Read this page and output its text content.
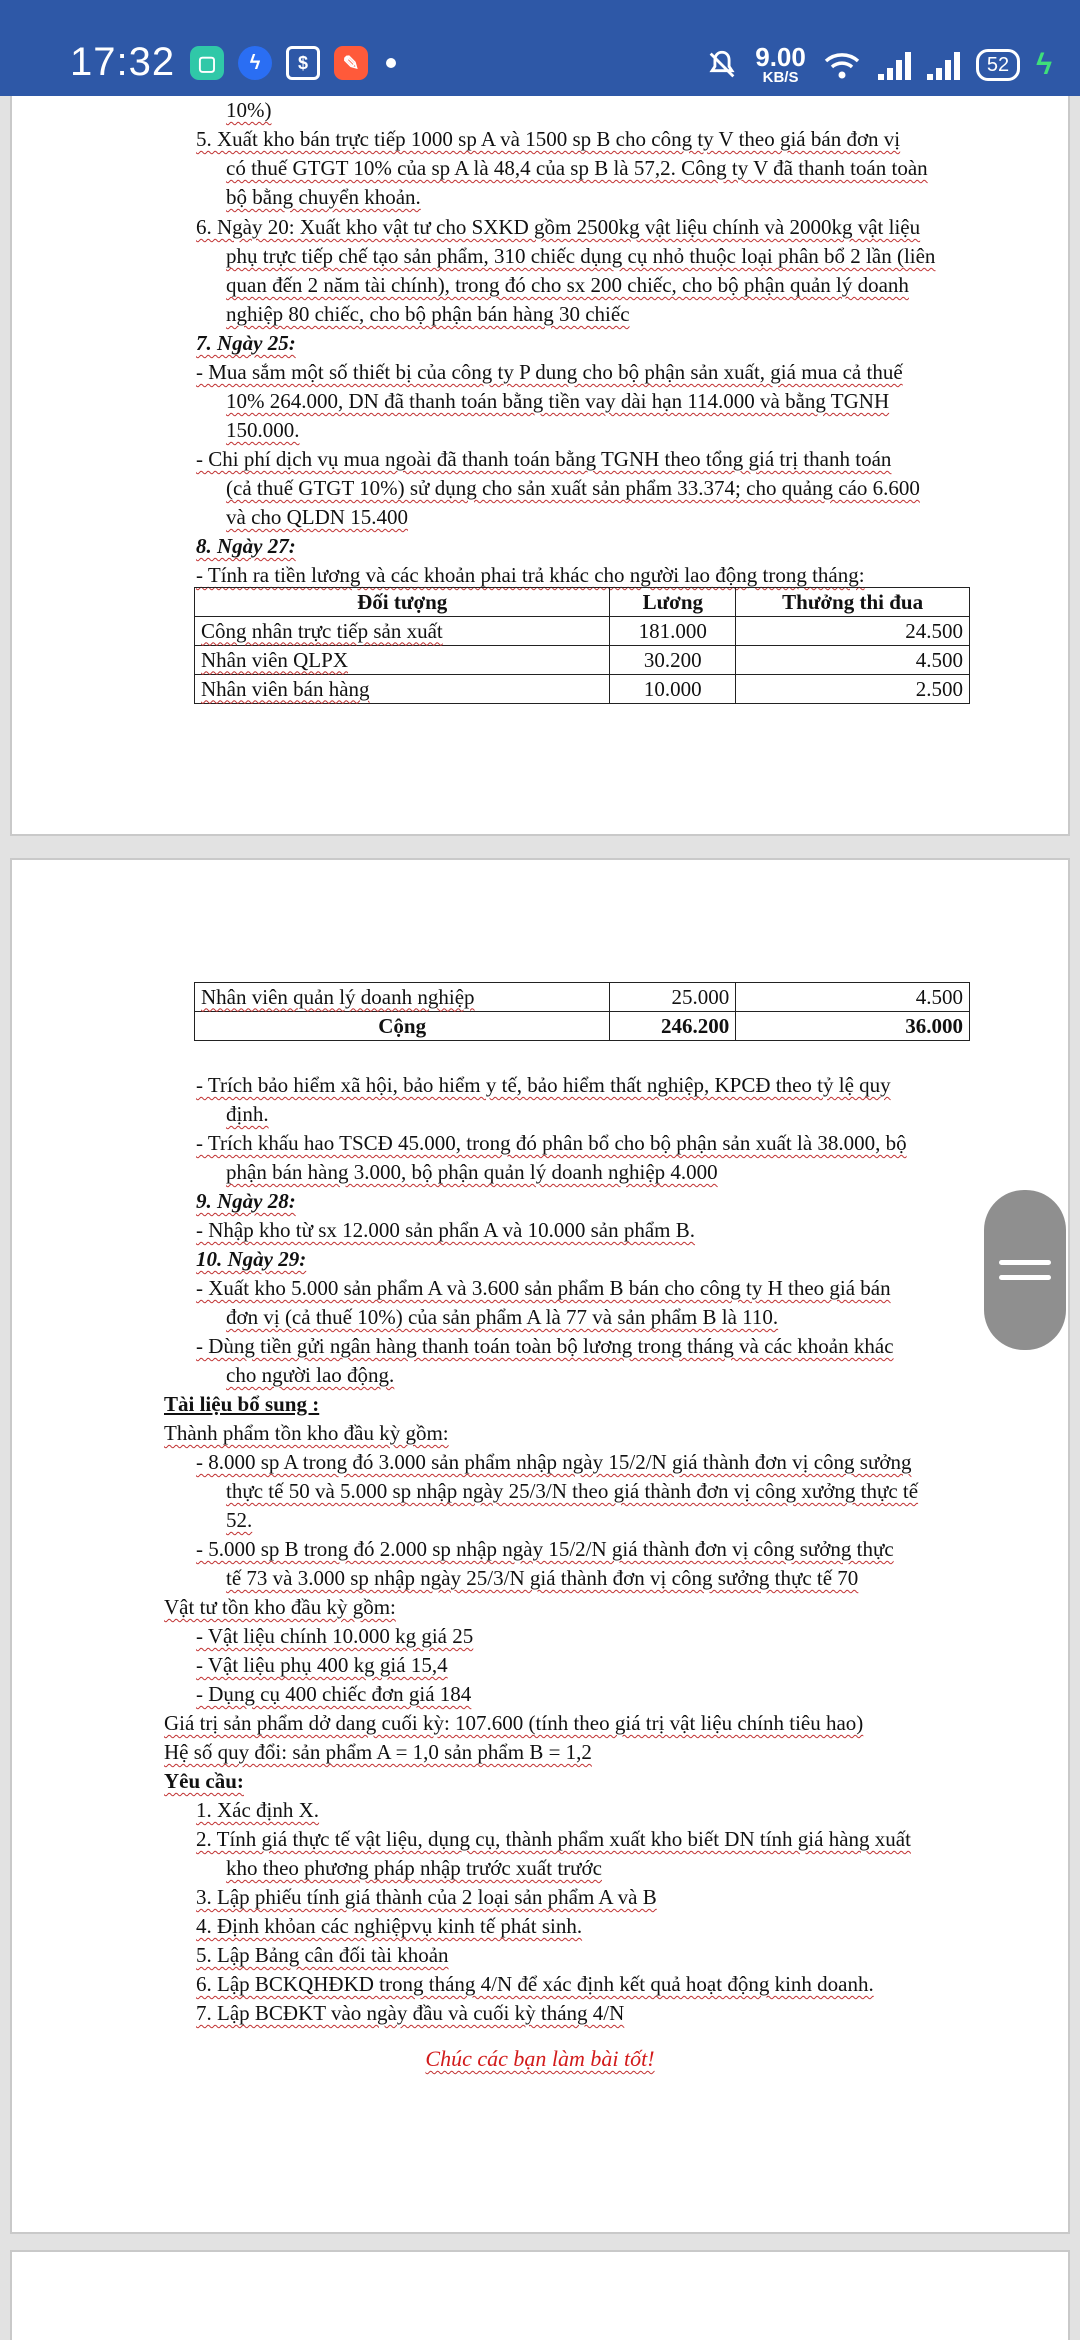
17:32	▢	ϟ	$	✎	9.00
KB/S
52 ϟ

10%)

5. Xuất kho bán trực tiếp 1000 sp A và 1500 sp B cho công ty V theo giá bán đơn vị

có thuế GTGT 10% của sp A là 48,4 của sp B là 57,2. Công ty V đã thanh toán toàn

bộ bằng chuyển khoản.

6. Ngày 20: Xuất kho vật tư cho SXKD gồm 2500kg vật liệu chính và 2000kg vật liệu

phụ trực tiếp chế tạo sản phẩm, 310 chiếc dụng cụ nhỏ thuộc loại phân bổ 2 lần (liên

quan đến 2 năm tài chính), trong đó cho sx 200 chiếc, cho bộ phận quản lý doanh

nghiệp 80 chiếc, cho bộ phận bán hàng 30 chiếc

7. Ngày 25:

- Mua sắm một số thiết bị của công ty P dung cho bộ phận sản xuất, giá mua cả thuế

10% 264.000, DN đã thanh toán bằng tiền vay dài hạn 114.000 và bằng TGNH

150.000.

- Chi phí dịch vụ mua ngoài đã thanh toán bằng TGNH theo tổng giá trị thanh toán

(cả thuế GTGT 10%) sử dụng cho sản xuất sản phẩm 33.374; cho quảng cáo 6.600

và cho QLDN 15.400

8. Ngày 27:

- Tính ra tiền lương và các khoản phai trả khác cho người lao động trong tháng:

Đối tượng	Lương	Thưởng thi đua
Công nhân trực tiếp sản xuất	181.000	24.500
Nhân viên QLPX	30.200	4.500
Nhân viên bán hàng	10.000	2.500
Nhân viên quản lý doanh nghiệp	25.000	4.500
Cộng	246.200	36.000

- Trích bảo hiểm xã hội, bảo hiểm y tế, bảo hiểm thất nghiệp, KPCĐ theo tỷ lệ quy

định.

- Trích khấu hao TSCĐ 45.000, trong đó phân bổ cho bộ phận sản xuất là 38.000, bộ

phận bán hàng 3.000, bộ phận quản lý doanh nghiệp 4.000

9. Ngày 28:

- Nhập kho từ sx 12.000 sản phẩn A và 10.000 sản phẩm B.

10. Ngày 29:

- Xuất kho 5.000 sản phẩm A và 3.600 sản phẩm B bán cho công ty H theo giá bán

đơn vị (cả thuế 10%) của sản phẩm A là 77 và sản phẩm B là 110.

- Dùng tiền gửi ngân hàng thanh toán toàn bộ lương trong tháng và các khoản khác

cho người lao động.

Tài liệu bổ sung :

Thành phẩm tồn kho đầu kỳ gồm:

- 8.000 sp A trong đó 3.000 sản phẩm nhập ngày 15/2/N giá thành đơn vị công sưởng

thực tế 50 và 5.000 sp nhập ngày 25/3/N theo giá thành đơn vị công xưởng thực tế

52.

- 5.000 sp B trong đó 2.000 sp nhập ngày 15/2/N giá thành đơn vị công sưởng thực

tế 73 và 3.000 sp nhập ngày 25/3/N giá thành đơn vị công sưởng thực tế 70

Vật tư tồn kho đầu kỳ gồm:

- Vật liệu chính 10.000 kg giá 25

- Vật liệu phụ 400 kg giá 15,4

- Dụng cụ 400 chiếc đơn giá 184

Giá trị sản phẩm dở dang cuối kỳ: 107.600 (tính theo giá trị vật liệu chính tiêu hao)

Hệ số quy đổi: sản phẩm A = 1,0 sản phẩm B = 1,2

Yêu cầu:

1. Xác định X.

2. Tính giá thực tế vật liệu, dụng cụ, thành phẩm xuất kho biết DN tính giá hàng xuất

kho theo phương pháp nhập trước xuất trước

3. Lập phiếu tính giá thành của 2 loại sản phẩm A và B

4. Định khỏan các nghiệpvụ kinh tế phát sinh.

5. Lập Bảng cân đối tài khoản

6. Lập BCKQHĐKD trong tháng 4/N để xác định kết quả hoạt động kinh doanh.

7. Lập BCĐKT vào ngày đầu và cuối kỳ tháng 4/N

Chúc các bạn làm bài tốt!
